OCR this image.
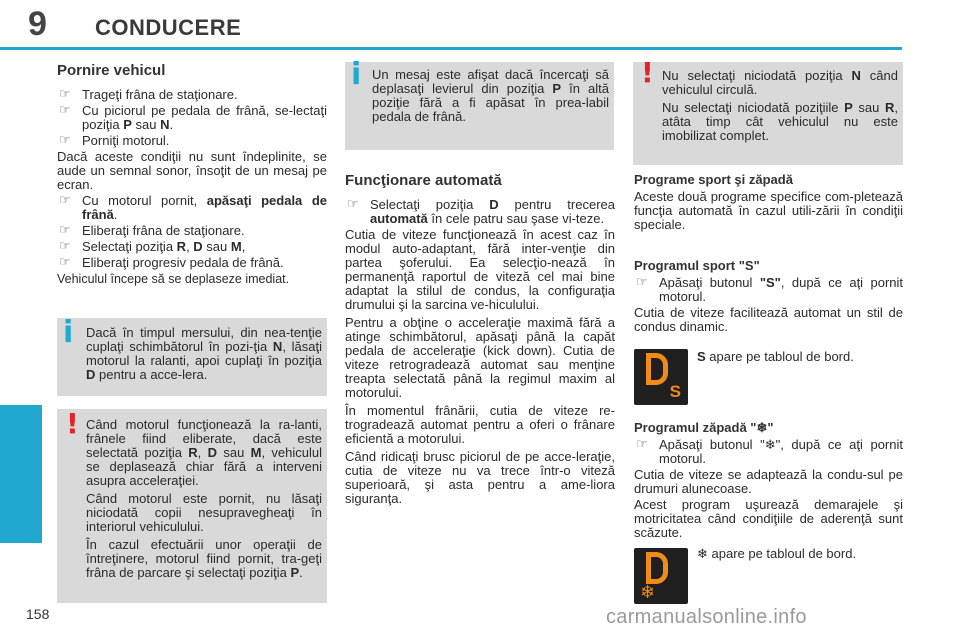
9 CONDUCERE
Pornire vehicul
☞ Trageţi frâna de staţionare.
☞ Cu piciorul pe pedala de frână, se-lectaţi poziţia P sau N.
☞ Porniţi motorul.

Dacă aceste condiţii nu sunt îndeplinite, se aude un semnal sonor, însoţit de un mesaj pe ecran.

☞ Cu motorul pornit, apăsaţi pedala de frână.
☞ Eliberaţi frâna de staţionare.
☞ Selectaţi poziţia R, D sau M,
☞ Eliberaţi progresiv pedala de frână.

Vehiculul începe să se deplaseze imediat.

i Dacă în timpul mersului, din nea-tenţie cuplaţi schimbătorul în pozi-ţia N, lăsaţi motorul la ralanti, apoi cuplaţi în poziţia D pentru a acce-lera.

! Când motorul funcţionează la ra-lanti, frânele fiind eliberate, dacă este selectată poziţia R, D sau M, vehiculul se deplasează chiar fără a interveni asupra acceleraţiei.

Când motorul este pornit, nu lăsaţi niciodată copii nesupravegheaţi în interiorul vehiculului.

În cazul efectuării unor operaţii de întreţinere, motorul fiind pornit, tra-geţi frâna de parcare şi selectaţi poziţia P.

i Un mesaj este afişat dacă încercaţi să deplasaţi levierul din poziţia P în altă poziţie fără a fi apăsat în prea-labil pedala de frână.

Funcţionare automată
☞ Selectaţi poziţia D pentru trecerea automată în cele patru sau şase vi-teze.

Cutia de viteze funcţionează în acest caz în modul auto-adaptant, fără inter-venţie din partea şoferului. Ea selecţio-nează în permanenţă raportul de viteză cel mai bine adaptat la stilul de condus, la configuraţia drumului şi la sarcina ve-hiculului.

Pentru a obţine o acceleraţie maximă fără a atinge schimbătorul, apăsaţi până la capăt pedala de acceleraţie (kick down). Cutia de viteze retrogradează automat sau menţine treapta selectată până la regimul maxim al motorului.

În momentul frânării, cutia de viteze re-trogradează automat pentru a oferi o frânare eficientă a motorului.

Când ridicaţi brusc piciorul de pe acce-leraţie, cutia de viteze nu va trece într-o viteză superioară, şi asta pentru a ame-liora siguranţa.

! Nu selectaţi niciodată poziţia N când vehiculul circulă.

Nu selectaţi niciodată poziţiile P sau R, atâta timp cât vehiculul nu este imobilizat complet.

Programe sport şi zăpadă

Aceste două programe specifice com-pletează funcţia automată în cazul utili-zării în condiţii speciale.

Programul sport "S"
☞ Apăsaţi butonul "S", după ce aţi pornit motorul.

Cutia de viteze facilitează automat un stil de condus dinamic.

S
S apare pe tabloul de bord.
Programul zăpadă "❄"
☞ Apăsaţi butonul "❄", după ce aţi pornit motorul.

Cutia de viteze se adaptează la condu-sul pe drumuri alunecoase.

Acest program uşurează demarajele şi motricitatea când condiţiile de aderenţă sunt scăzute.

❄
❄ apare pe tabloul de bord.
158	carmanualsonline.info
